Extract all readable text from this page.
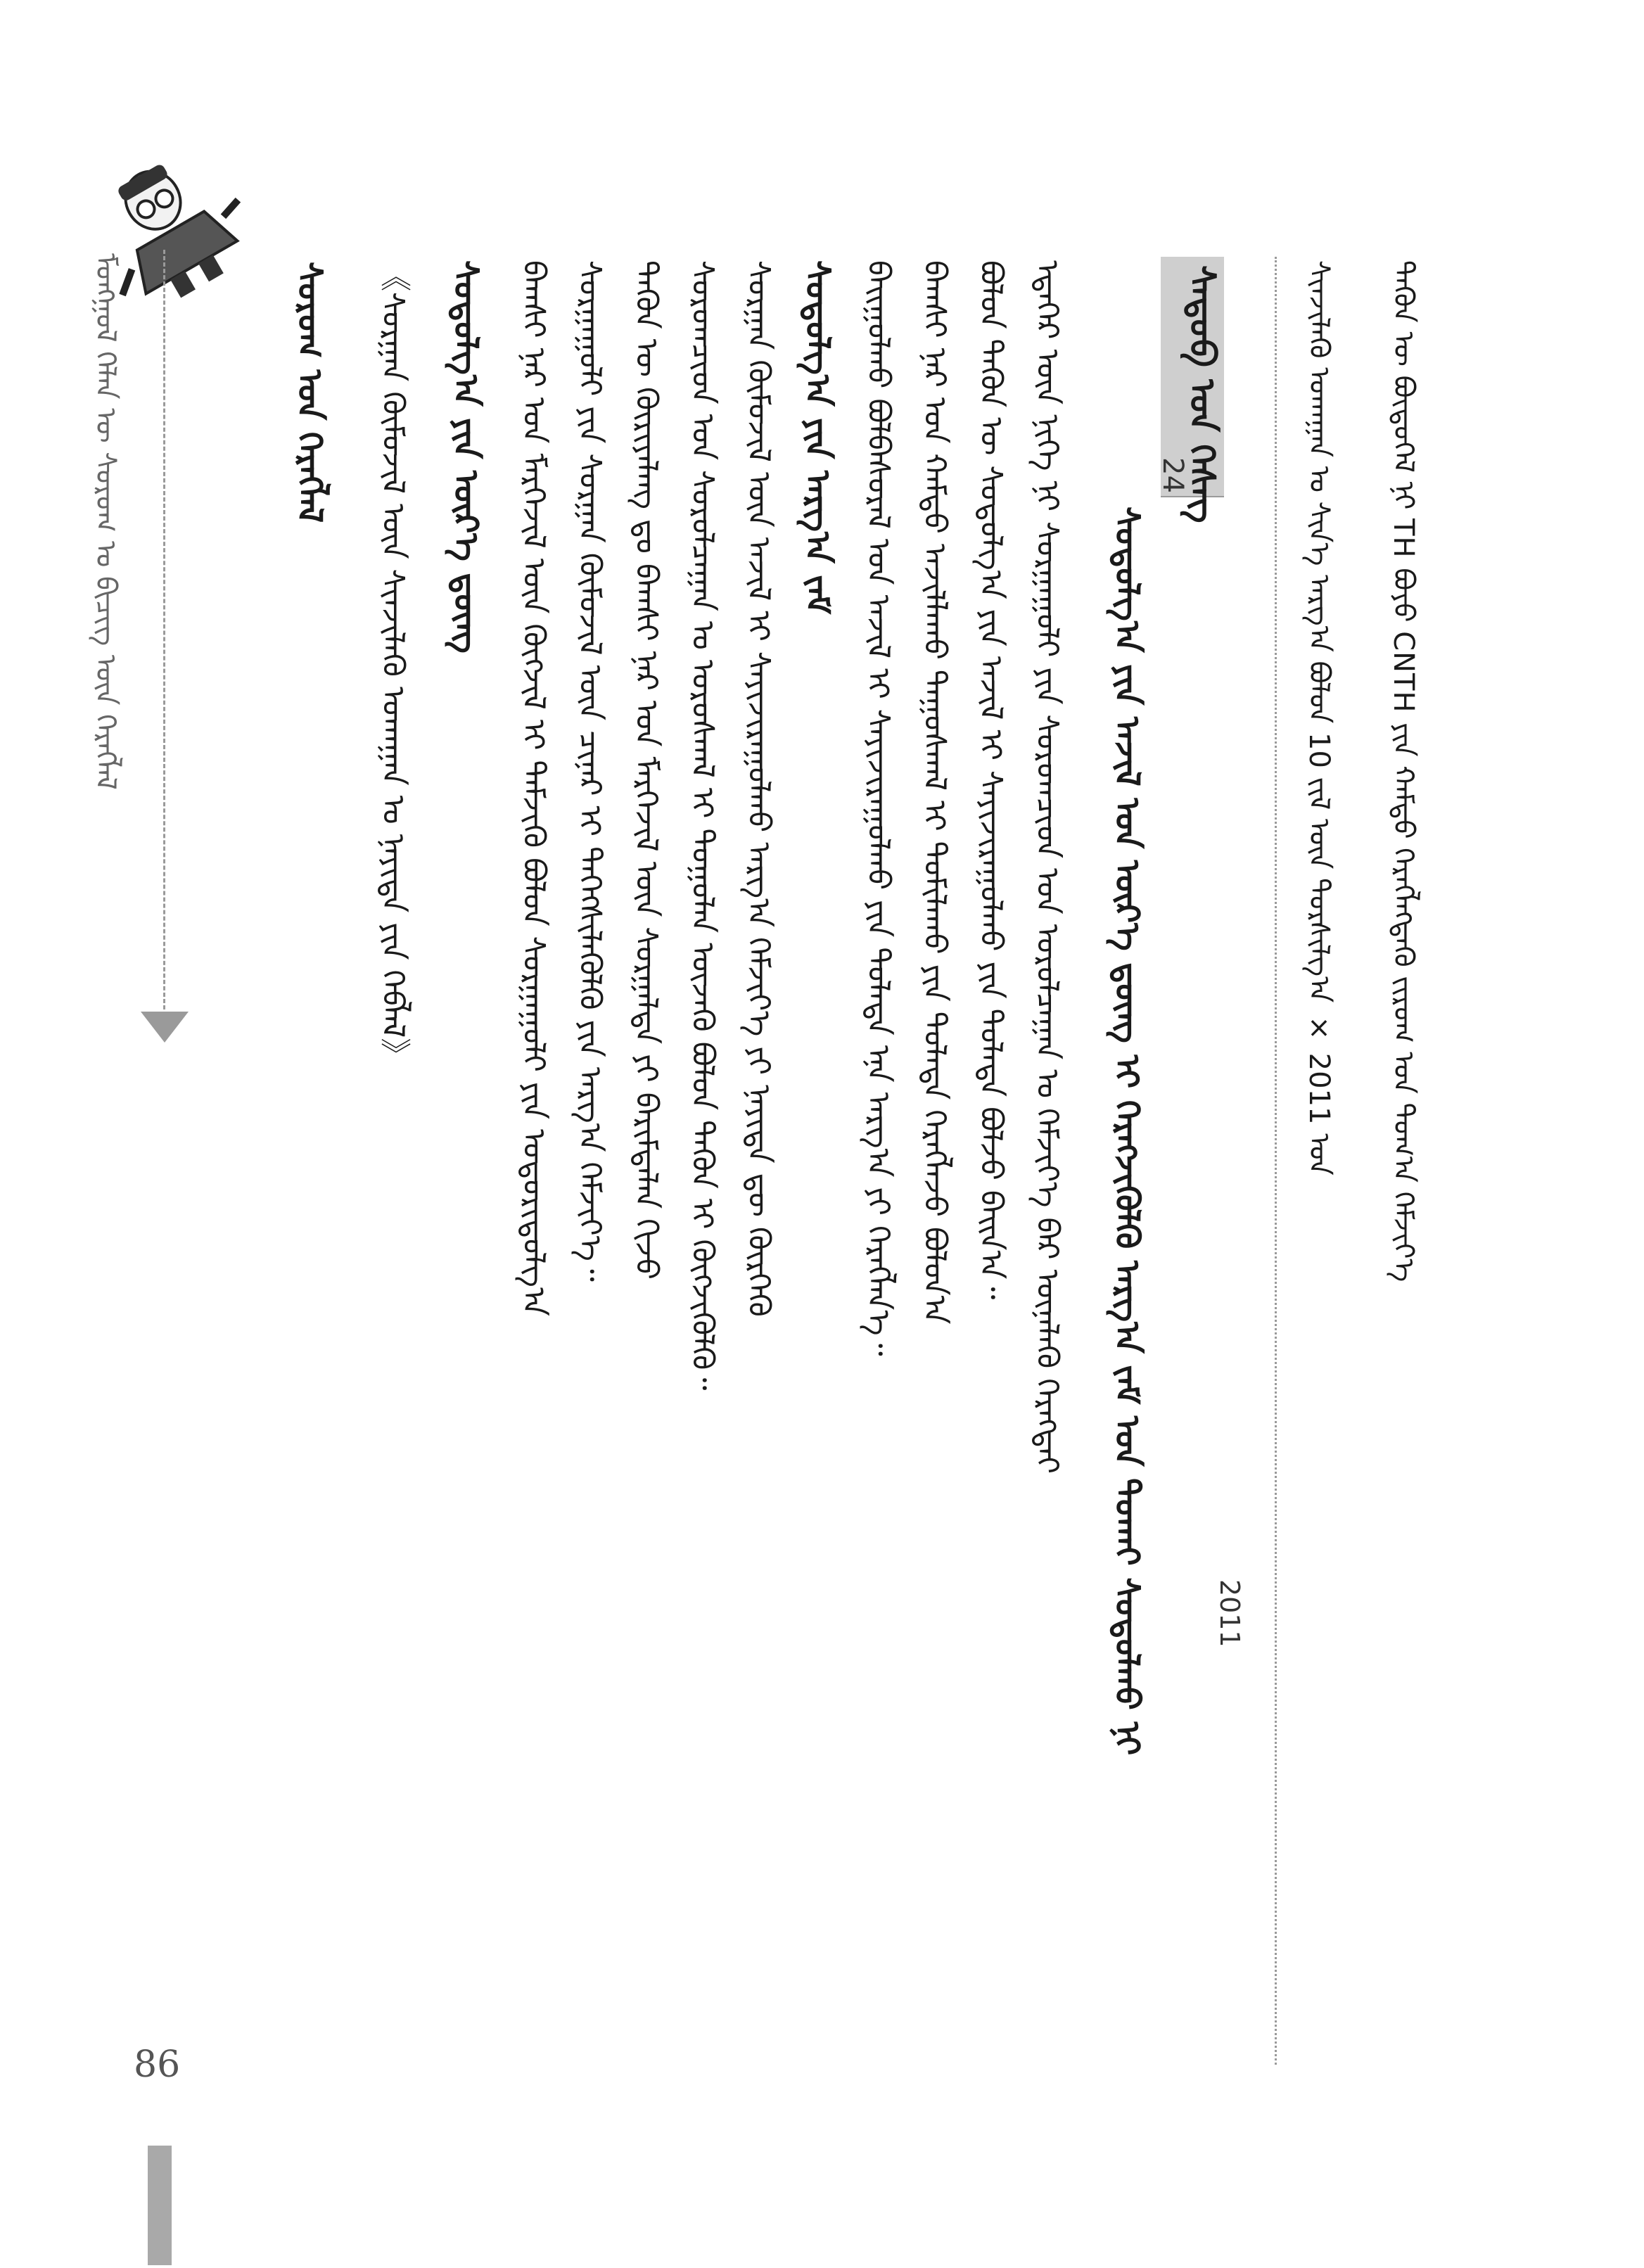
ᠮᠣᠩᠭᠣᠯ ᠬᠡᠯᠡᠨ ᠦ ᠰᠤᠷᠤᠭ ᠤ ᠪᠢᠴᠢᠭ ᠦᠨ ᠬᠡᠷᠡᠭᠯᠡᠯ	ᠰᠤᠷᠤᠭ ᠤᠨ ᠬᠡᠷᠡᠭᠯᠡᠯ	᠋《ᠰᠤᠷᠭᠠᠨ ᠬᠦᠮᠦᠵᠢᠯ ᠦᠨ ᠰᠢᠨᠵᠢᠯᠡᠬᠦ ᠤᠬᠠᠭᠠᠨ ᠤ ᠨᠡᠶᠢᠲᠡ ᠶᠢᠨ ᠬᠡᠪᠯᠡᠯ》 ᠰᠤᠳᠤᠯᠭ᠎ᠠ ᠶᠢᠨ ᠦᠷ᠎ᠡ ᠳ᠋ᠦᠩ ᠪᠠᠭᠰᠢ ᠨᠠᠷ ᠤᠨ ᠮᠡᠷᠭᠡᠵᠢᠯ ᠦᠨ ᠬᠦᠭᠵᠢᠯ ᠢ ᠳᠡᠮᠵᠢᠬᠦ ᠪᠣᠯᠣᠨ ᠰᠤᠷᠭᠠᠭᠤᠯᠢ ᠶᠢᠨ ᠤᠳᠤᠷᠢᠳᠤᠯᠭ᠎ᠠ ᠰᠤᠷᠭᠠᠭᠤᠯᠢ ᠶᠢᠨ ᠰᠤᠷᠭᠠᠨ ᠬᠦᠮᠦᠵᠢᠯ ᠦᠨ ᠴᠢᠨᠠᠷ ᠢ ᠳᠡᠭᠡᠭᠰᠢᠯᠡᠭᠦᠯᠬᠦ ᠶᠢᠨ ᠠᠷᠭ᠎ᠠ ᠬᠡᠮᠵᠢᠶ᠎ᠡ᠃ ᠲᠡᠭᠦᠨ ᠦ ᠬᠦᠷᠢᠶᠡᠯᠡᠩ ᠳᠤ ᠪᠠᠭᠰᠢ ᠨᠠᠷ ᠤᠨ ᠮᠡᠷᠭᠡᠵᠢᠯ ᠦᠨ ᠰᠤᠷᠭᠠᠯᠲᠠ ᠶᠢ ᠪᠠᠷᠢᠮᠲᠠᠯᠠᠨ ᠬᠢᠵᠦ ᠰᠤᠷᠤᠭᠴᠢᠳ ᠤᠨ ᠰᠤᠷᠤᠯᠴᠠᠭᠠᠨ ᠤ ᠤᠷᠤᠰᠬᠠᠯ ᠢ ᠲᠤᠭᠤᠯᠠᠨ ᠦᠵᠡᠬᠦ ᠪᠣᠯᠣᠨ ᠲᠡᠭᠦᠨ ᠢ ᠬᠦᠭᠵᠢᠭᠦᠯᠬᠦ᠃ ᠰᠤᠷᠭᠠᠨ ᠬᠦᠮᠦᠵᠢᠯ ᠦᠨ ᠠᠵᠢᠯ ᠢ ᠰᠠᠶᠢᠵᠢᠷᠠᠭᠤᠯᠬᠤ ᠠᠷᠭ᠎ᠠ ᠬᠡᠮᠵᠢᠶ᠎ᠡ ᠶᠢ ᠨᠡᠶᠢᠲᠡ ᠳᠦ ᠬᠦᠷᠭᠡᠬᠦ ᠰᠤᠳᠤᠯᠭ᠎ᠠ ᠶᠢᠨ ᠠᠷᠭ᠎ᠠ ᠵᠠᠮ ᠪᠠᠢᠭᠤᠯᠬᠤ ᠪᠣᠯᠪᠠᠰᠤᠷᠠᠯ ᠤᠨ ᠠᠵᠢᠯ ᠢ ᠰᠠᠶᠢᠵᠢᠷᠠᠭᠤᠯᠬᠤ ᠶᠢᠨ ᠲᠤᠯᠠᠳᠠ ᠡᠨᠡ ᠠᠷᠭ᠎ᠠ ᠶᠢ ᠬᠡᠷᠡᠭᠯᠡᠨ᠎ᠡ᠃ ᠪᠠᠭᠰᠢ ᠨᠠᠷ ᠤᠨ ᠬᠠᠮᠲᠤ ᠠᠵᠢᠯᠯᠠᠬᠤ ᠳᠠᠭᠤᠰᠬᠠᠯ ᠢ ᠲᠣᠮᠢᠯᠠᠬᠤ ᠶᠢᠨ ᠲᠤᠯᠠᠳᠠ ᠬᠡᠷᠡᠭᠯᠡᠵᠦ ᠪᠣᠯᠣᠨ᠎ᠠ ᠪᠣᠯᠣᠨ ᠲᠡᠭᠦᠨ ᠦ ᠰᠤᠳᠤᠯᠭ᠎ᠠ ᠶᠢᠨ ᠠᠵᠢᠯ ᠢ ᠰᠠᠶᠢᠵᠢᠷᠠᠭᠤᠯᠬᠤ ᠶᠢᠨ ᠲᠤᠯᠠᠳᠠ ᠪᠣᠯᠵᠤ ᠪᠠᠢᠨ᠎ᠠ᠃ ᠡᠳᠡᠭᠡᠷ ᠦᠨ ᠨᠢᠭᠡ ᠨᠢ ᠰᠤᠷᠭᠠᠭᠤᠯᠢ ᠶᠢᠨ ᠰᠤᠷᠤᠭᠴᠢᠳ ᠤᠨ ᠤᠷᠤᠯᠴᠠᠭᠠᠨ ᠤ ᠬᠡᠮᠵᠢᠶ᠎ᠡ ᠪᠡᠷ ᠦᠨᠡᠯᠡᠬᠦ ᠬᠡᠷᠡᠭᠲᠡᠢ	ᠰᠡᠳᠦᠪ ᠤᠨ ᠬᠡᠰᠡᠭ
24
ᠰᠤᠳᠤᠯᠭ᠎ᠠ ᠶᠢᠨ ᠠᠵᠢᠯ ᠤᠨ ᠦᠷ᠎ᠡ ᠳ᠋ᠦᠩ ᠢ ᠬᠡᠷᠡᠭᠵᠢᠭᠦᠯᠬᠦ ᠠᠷᠭ᠎ᠠ ᠵᠠᠮ ᠤᠨ ᠲᠤᠬᠠᠢ ᠰᠤᠳᠤᠯᠬᠤ ᠨᠢ	ᠰᠢᠨᠵᠢᠯᠡᠬᠦ ᠤᠬᠠᠭᠠᠨ ᠤ ᠰᠢᠨ᠎ᠡ ᠠᠷᠭ᠎ᠠ ᠪᠣᠯᠣᠨ 10 ᠵᠢᠯ ᠦᠨ ᠲᠤᠷᠰᠢᠯᠭ᠎ᠠ × 2011 ᠣᠨ	ᠲᠡᠬᠦᠨ ᠦ ᠪᠦᠲᠦᠭᠡᠯ ᠨᠢ TH ᠪᠤᠶᠤ CNTH ᠶᠢᠨ ᠬᠠᠮᠲᠤ ᠬᠡᠷᠡᠭᠯᠡᠭᠳᠡᠬᠦ ᠵᠢᠷᠤᠭ ᠤᠨ ᠲᠣᠭ᠎ᠠ ᠬᠡᠮᠵᠢᠶ᠎ᠡ
2011
86
